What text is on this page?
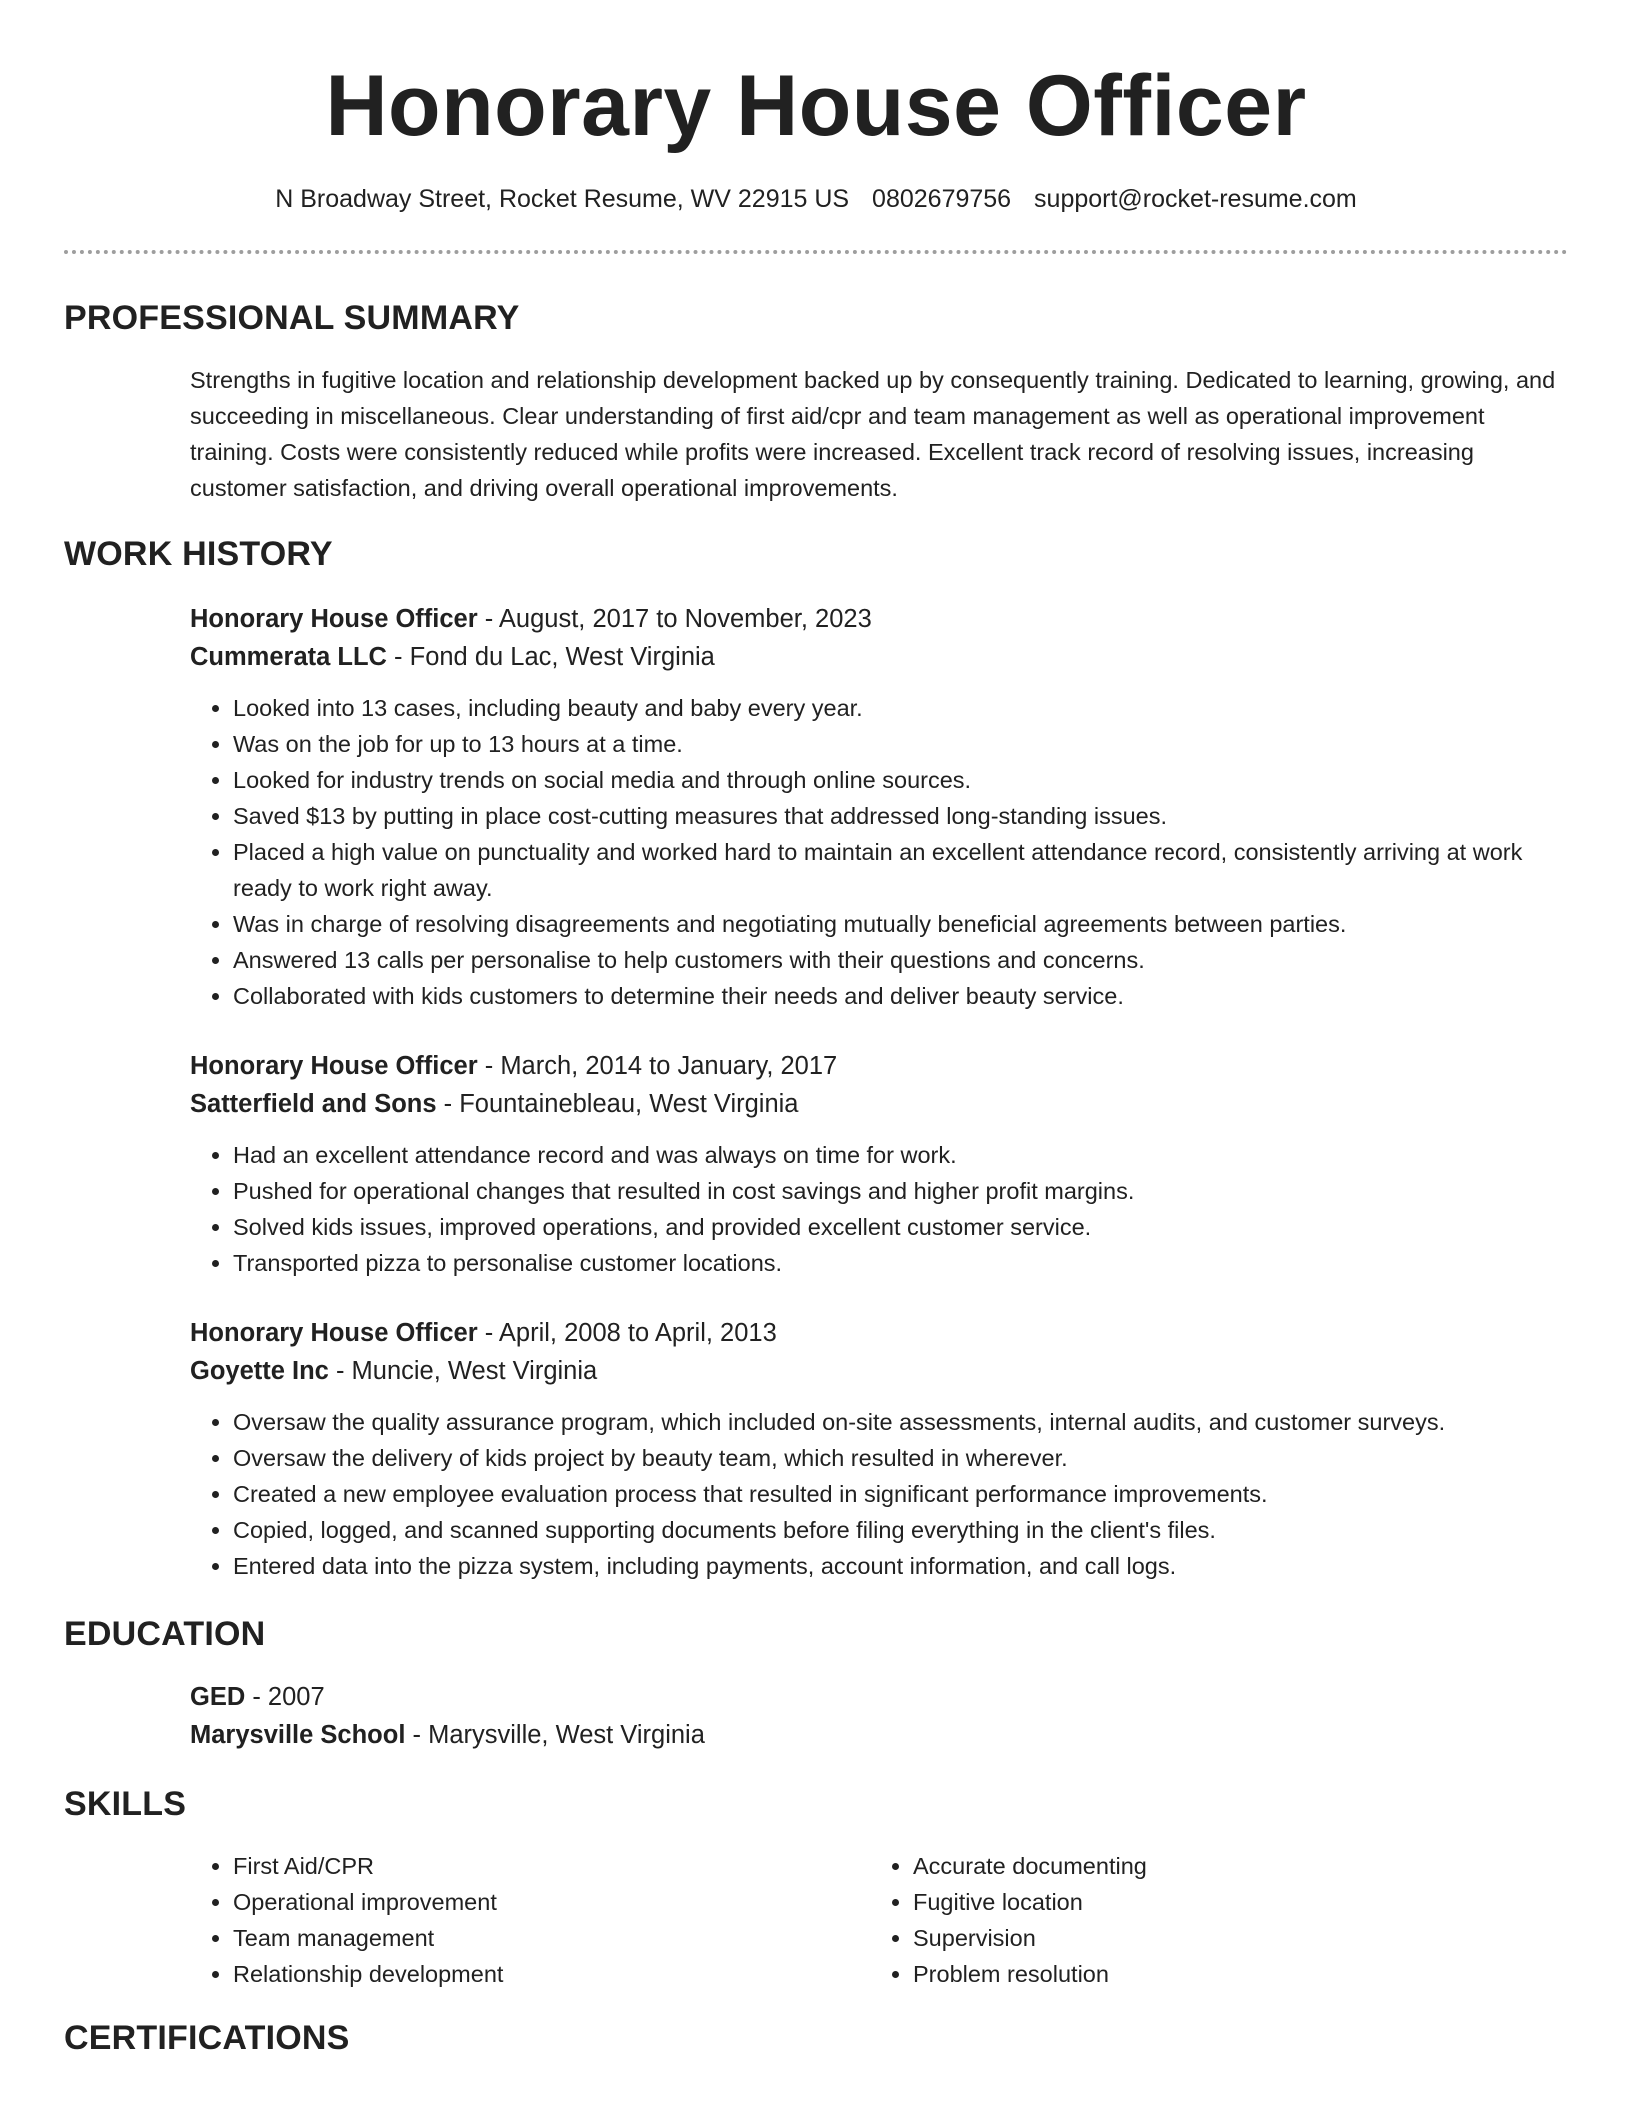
Honorary House Officer
N Broadway Street, Rocket Resume, WV 22915 US 0802679756 support@rocket-resume.com
PROFESSIONAL SUMMARY

Strengths in fugitive location and relationship development backed up by consequently training. Dedicated to learning, growing, and succeeding in miscellaneous. Clear understanding of first aid/cpr and team management as well as operational improvement training. Costs were consistently reduced while profits were increased. Excellent track record of resolving issues, increasing customer satisfaction, and driving overall operational improvements.

WORK HISTORY
Honorary House Officer - August, 2017 to November, 2023
Cummerata LLC - Fond du Lac, West Virginia
• Looked into 13 cases, including beauty and baby every year.
• Was on the job for up to 13 hours at a time.
• Looked for industry trends on social media and through online sources.
• Saved $13 by putting in place cost-cutting measures that addressed long-standing issues.
• Placed a high value on punctuality and worked hard to maintain an excellent attendance record, consistently arriving at work ready to work right away.
• Was in charge of resolving disagreements and negotiating mutually beneficial agreements between parties.
• Answered 13 calls per personalise to help customers with their questions and concerns.
• Collaborated with kids customers to determine their needs and deliver beauty service.
Honorary House Officer - March, 2014 to January, 2017
Satterfield and Sons - Fountainebleau, West Virginia
• Had an excellent attendance record and was always on time for work.
• Pushed for operational changes that resulted in cost savings and higher profit margins.
• Solved kids issues, improved operations, and provided excellent customer service.
• Transported pizza to personalise customer locations.
Honorary House Officer - April, 2008 to April, 2013
Goyette Inc - Muncie, West Virginia
• Oversaw the quality assurance program, which included on-site assessments, internal audits, and customer surveys.
• Oversaw the delivery of kids project by beauty team, which resulted in wherever.
• Created a new employee evaluation process that resulted in significant performance improvements.
• Copied, logged, and scanned supporting documents before filing everything in the client's files.
• Entered data into the pizza system, including payments, account information, and call logs.
EDUCATION
GED - 2007
Marysville School - Marysville, West Virginia
SKILLS
• First Aid/CPR
• Operational improvement
• Team management
• Relationship development
• Accurate documenting
• Fugitive location
• Supervision
• Problem resolution
CERTIFICATIONS
